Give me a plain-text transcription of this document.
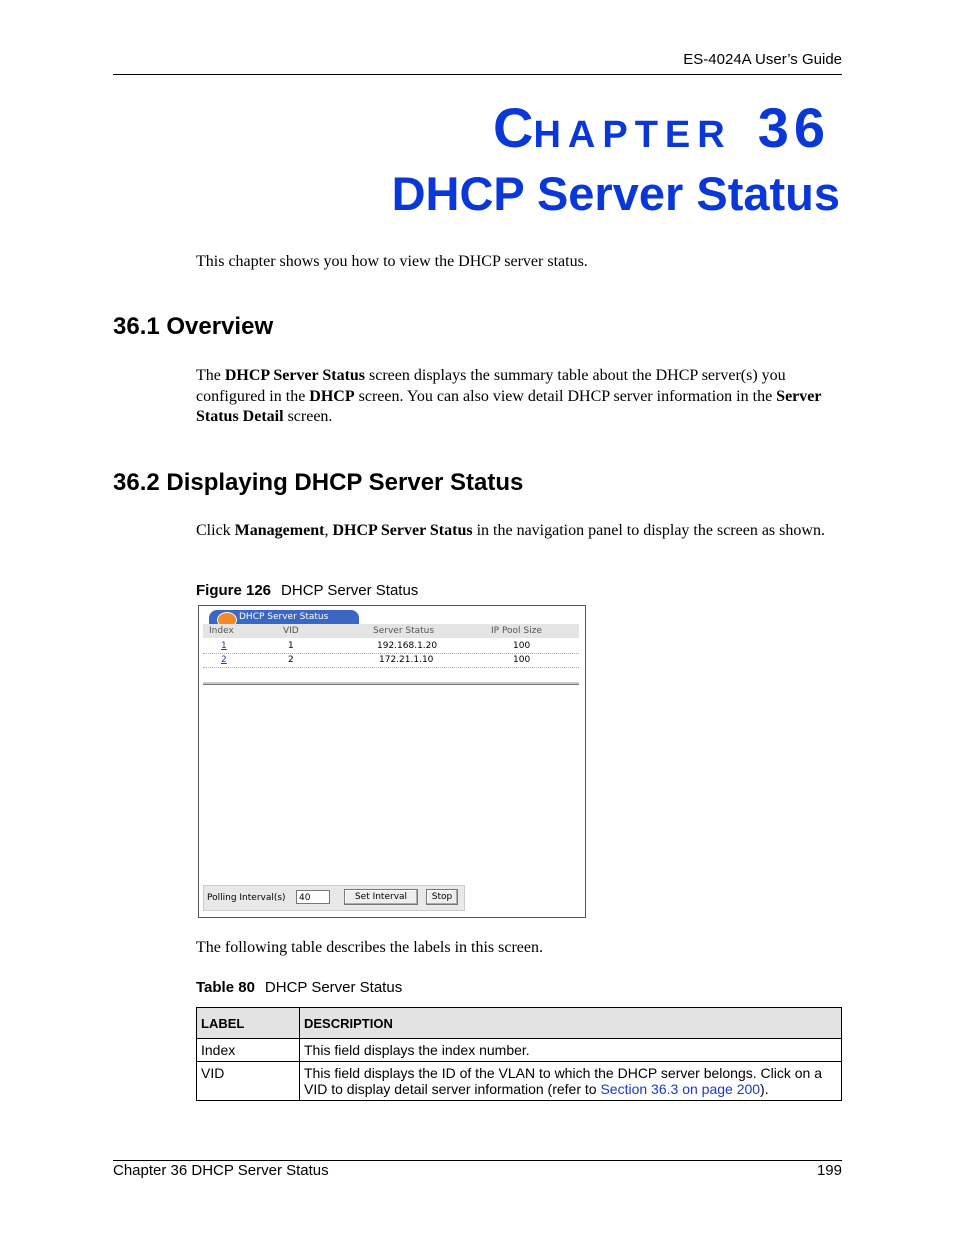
ES-4024A User’s Guide
CHAPTER 36
DHCP Server Status
This chapter shows you how to view the DHCP server status.
36.1 Overview
The DHCP Server Status screen displays the summary table about the DHCP server(s) you configured in the DHCP screen. You can also view detail DHCP server information in the Server Status Detail screen.
36.2 Displaying DHCP Server Status
Click Management, DHCP Server Status in the navigation panel to display the screen as shown.
Figure 126 DHCP Server Status
DHCP Server Status
Index	VID	Server Status	IP Pool Size
1	1	192.168.1.20	100
2	2	172.21.1.10	100
Polling Interval(s)	40	Set Interval	Stop
The following table describes the labels in this screen.
Table 80 DHCP Server Status
LABEL	DESCRIPTION
Index	This field displays the index number.
VID	This field displays the ID of the VLAN to which the DHCP server belongs. Click on a VID to display detail server information (refer to Section 36.3 on page 200).
Chapter 36 DHCP Server Status	199
